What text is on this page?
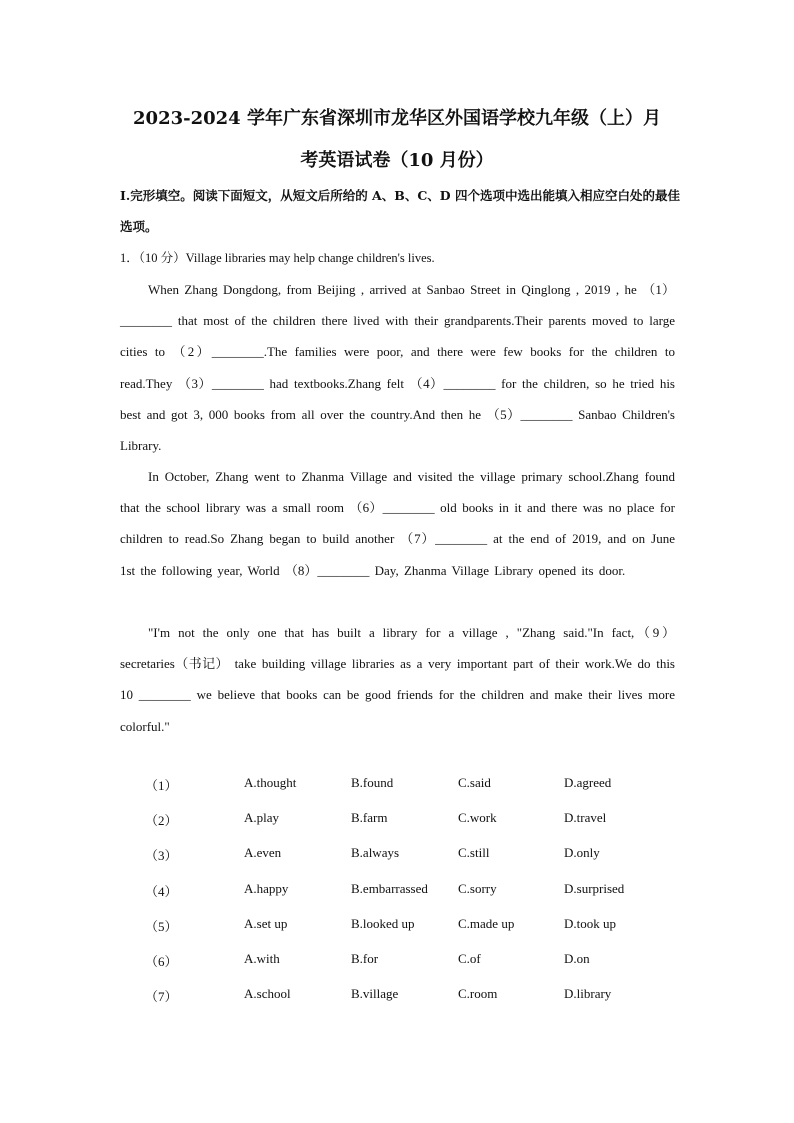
2023-2024 学年广东省深圳市龙华区外国语学校九年级（上）月
考英语试卷（10 月份）
Ⅰ.完形填空。阅读下面短文，从短文后所给的 A、B、C、D 四个选项中选出能填入相应空白处的最佳选项。
1．（10 分）Village libraries may help change children's lives.
When Zhang Dongdong, from Beijing , arrived at Sanbao Street in Qinglong , 2019 , he （1）________ that most of the children there lived with their grandparents.Their parents moved to large cities to （2）________.The families were poor, and there were few books for the children to read.They （3）________ had textbooks.Zhang felt （4）________ for the children, so he tried his best and got 3, 000 books from all over the country.And then he （5）________ Sanbao Children's Library.
In October, Zhang went to Zhanma Village and visited the village primary school.Zhang found that the school library was a small room （6）________ old books in it and there was no place for children to read.So Zhang began to build another （7）________ at the end of 2019, and on June 1st the following year, World （8）________ Day, Zhanma Village Library opened its door.
"I'm not the only one that has built a library for a village , "Zhang said."In fact,（9） secretaries（书记） take building village libraries as a very important part of their work.We do this 10 ________ we believe that books can be good friends for the children and make their lives more colorful."
（1）	A.thought	B.found	C.said	D.agreed
（2）	A.play	B.farm	C.work	D.travel
（3）	A.even	B.always	C.still	D.only
（4）	A.happy	B.embarrassed	C.sorry	D.surprised
（5）	A.set up	B.looked up	C.made up	D.took up
（6）	A.with	B.for	C.of	D.on
（7）	A.school	B.village	C.room	D.library
